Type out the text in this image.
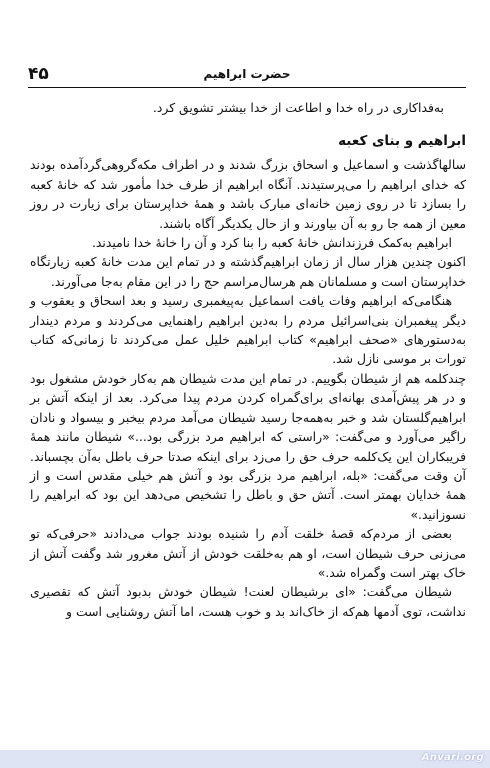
۴۵	حضرت ابراهیم

به‌فداکاری در راه خدا و اطاعت از خدا بیشتر تشویق کرد.

ابراهیم و بنای کعبه

سالها‌گذشت و اسماعیل و اسحاق بزرگ شدند و در اطراف مکه‌گروهی‌گردآمده بودند که خدای ابراهیم را می‌پرستیدند. آنگاه ابراهیم از طرف خدا مأمور شد که خانهٔ کعبه را بسازد تا در روی زمین خانه‌ای مبارک باشد و همهٔ خداپرستان برای زیارت در روز معین از همه جا رو به آن بیاورند و از حال یکدیگر آگاه باشند.

ابراهیم به‌کمک فرزندانش خانهٔ کعبه را بنا کرد و آن را خانهٔ خدا نامیدند.

اکنون چندین هزار سال از زمان ابراهیم‌گذشته و در تمام این مدت خانهٔ کعبه زیارتگاه خداپرستان است و مسلمانان هم هرسال‌مراسم حج را در این مقام به‌جا می‌آورند.

هنگامی‌که ابراهیم وفات یافت اسماعیل به‌پیغمبری رسید و بعد اسحاق و یعقوب و دیگر پیغمبران بنی‌اسرائیل مردم را به‌دین ابراهیم راهنمایی می‌کردند و مردم دیندار به‌دستورهای «صحف ابراهیم» کتاب ابراهیم خلیل عمل می‌کردند تا زمانی‌که کتاب تورات بر موسی نازل شد.

چند‌کلمه هم از شیطان بگوییم. در تمام این مدت شیطان هم به‌کار خودش مشغول بود و در هر پیش‌آمدی بهانه‌ای برای‌گمراه کردن مردم پیدا می‌کرد. بعد از اینکه آتش بر ابراهیم‌گلستان شد و خبر به‌همه‌جا رسید شیطان می‌آمد مردم بیخبر و بیسواد و نادان راگیر می‌آورد و می‌گفت: «راستی که ابراهیم مرد بزرگی بود...» شیطان مانند همهٔ فریبکاران این یک‌کلمه حرف حق را می‌زد برای اینکه صدتا حرف باطل به‌آن بچسباند. آن وقت می‌گفت: «بله، ابراهیم مرد بزرگی بود و آتش هم خیلی مقدس است و از همهٔ خدایان بهمتر است. آتش حق و باطل را تشخیص می‌دهد این بود که ابراهیم را نسوزانید.»

بعضی از مردم‌که قصهٔ خلقت آدم را شنیده بودند جواب می‌دادند «حرفی‌که تو می‌زنی حرف شیطان است، او هم به‌خلقت خودش از آتش مغرور شد وگفت آتش از خاک بهتر است وگمراه شد.»

شیطان می‌گفت: «ای برشیطان لعنت! شیطان خودش بدبود آتش که تقصیری نداشت، توی آدمها هم‌که از خاک‌اند بد و خوب هست، اما آتش روشنایی است و

Anvari.org
